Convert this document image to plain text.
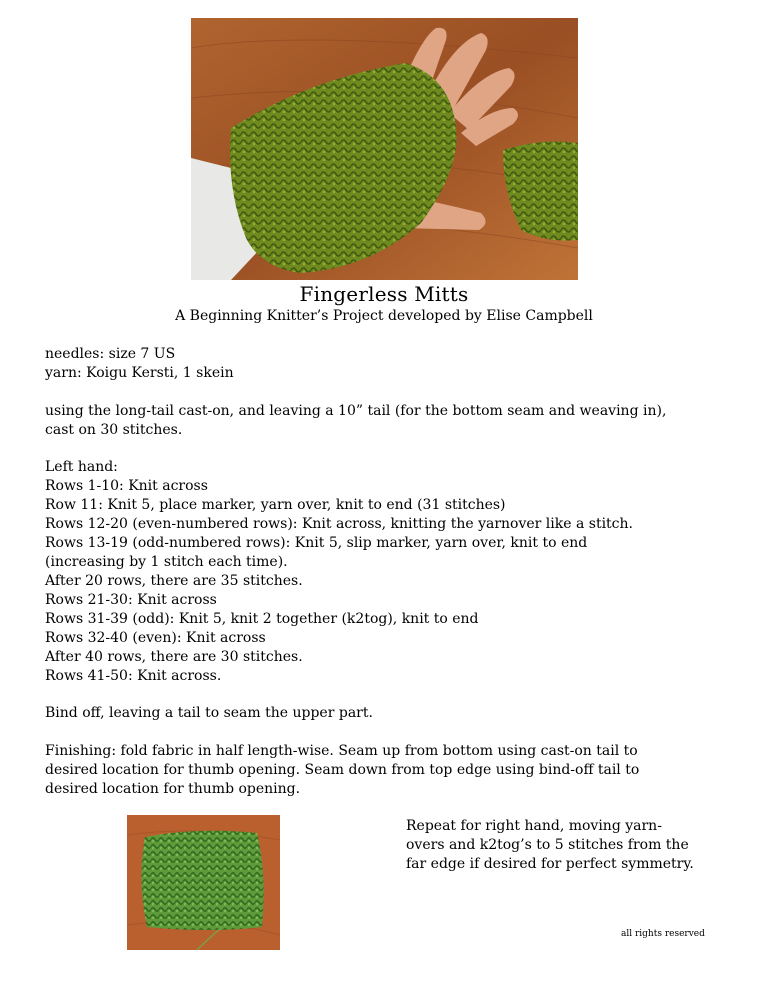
Fingerless Mitts
A Beginning Knitter’s Project developed by Elise Campbell
needles: size 7 US
yarn: Koigu Kersti, 1 skein
using the long-tail cast-on, and leaving a 10” tail (for the bottom seam and weaving in),
cast on 30 stitches.
Left hand:
Rows 1-10: Knit across
Row 11: Knit 5, place marker, yarn over, knit to end (31 stitches)
Rows 12-20 (even-numbered rows): Knit across, knitting the yarnover like a stitch.
Rows 13-19 (odd-numbered rows): Knit 5, slip marker, yarn over, knit to end
(increasing by 1 stitch each time).
After 20 rows, there are 35 stitches.
Rows 21-30: Knit across
Rows 31-39 (odd): Knit 5, knit 2 together (k2tog), knit to end
Rows 32-40 (even): Knit across
After 40 rows, there are 30 stitches.
Rows 41-50: Knit across.
Bind off, leaving a tail to seam the upper part.
Finishing: fold fabric in half length-wise. Seam up from bottom using cast-on tail to
desired location for thumb opening. Seam down from top edge using bind-off tail to
desired location for thumb opening.
Repeat for right hand, moving yarn-
overs and k2tog’s to 5 stitches from the
far edge if desired for perfect symmetry.
all rights reserved
